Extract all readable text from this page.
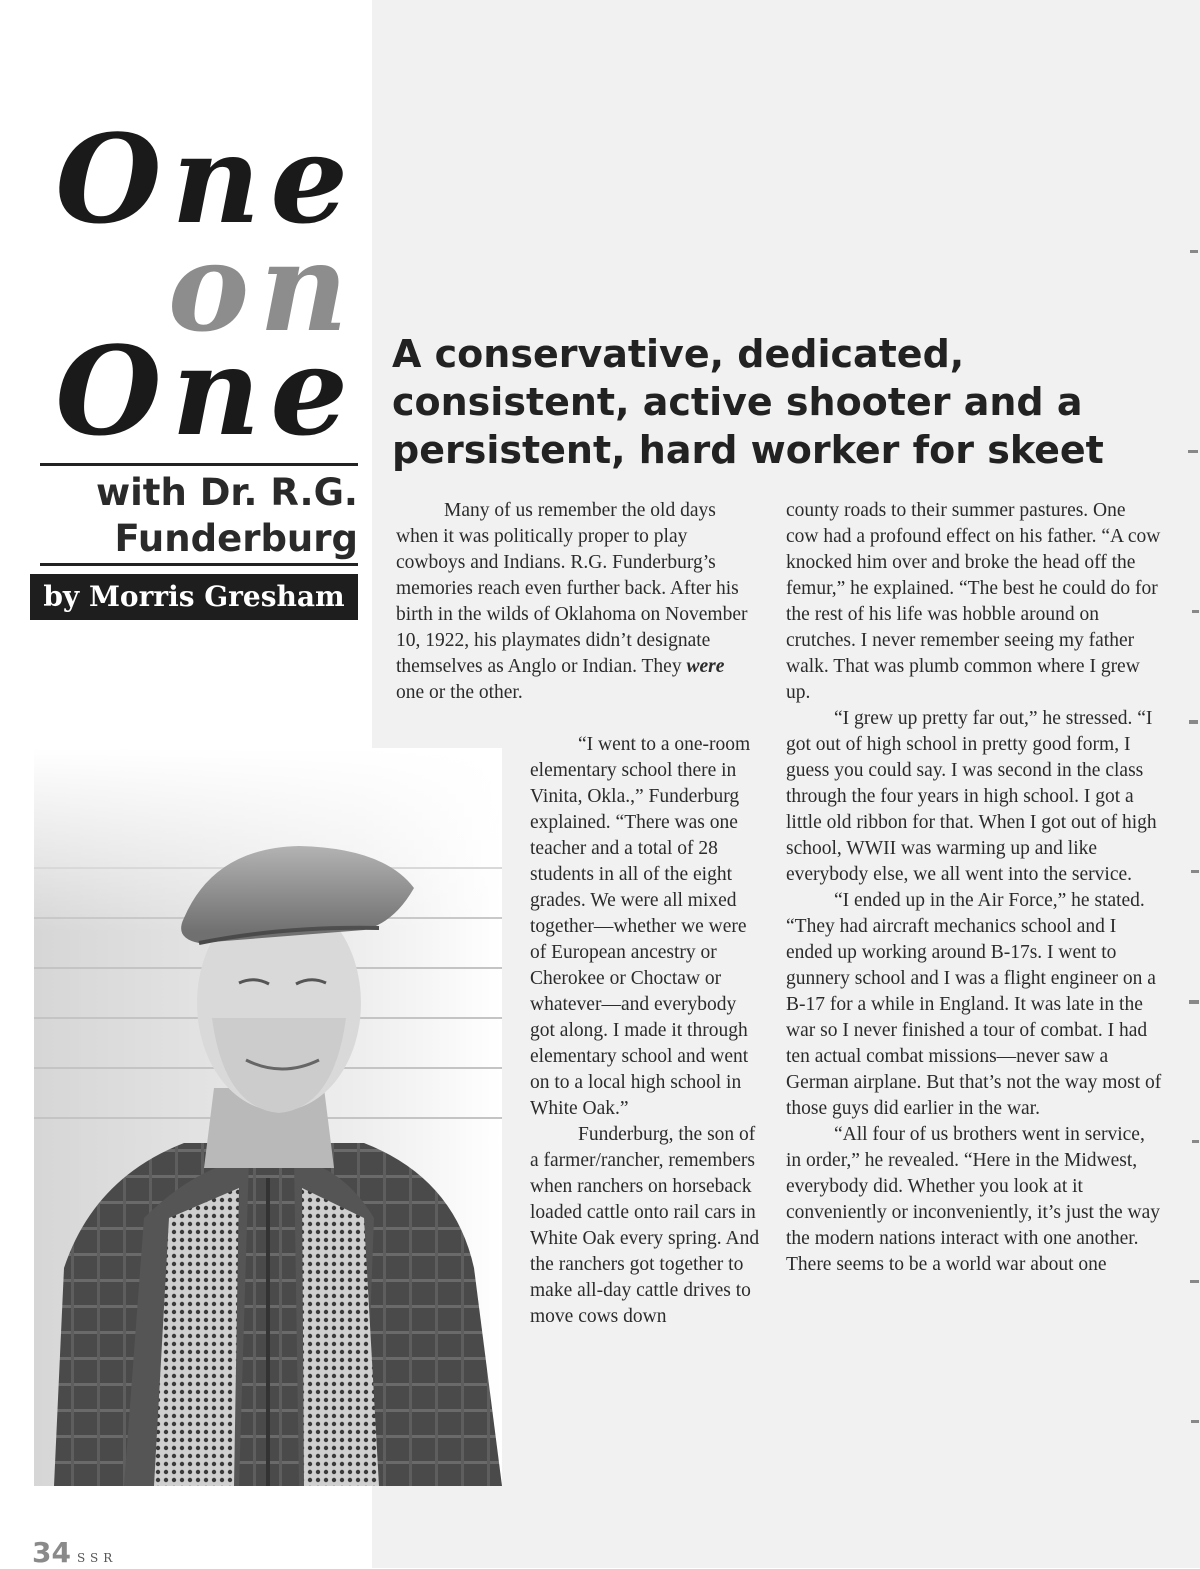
One
on
One
with Dr. R.G.
Funderburg
by Morris Gresham
A conservative, dedicated, consistent, active shooter and a persistent, hard worker for skeet

Many of us remember the old days when it was politically proper to play cowboys and Indians. R.G. Funderburg’s memories reach even further back. After his birth in the wilds of Oklahoma on November 10, 1922, his playmates didn’t designate themselves as Anglo or Indian. They were one or the other.

“I went to a one-room elementary school there in Vinita, Okla.,” Funderburg explained. “There was one teacher and a total of 28 students in all of the eight grades. We were all mixed together—whether we were of European ancestry or Cherokee or Choctaw or whatever—and everybody got along. I made it through elementary school and went on to a local high school in White Oak.”

Funderburg, the son of a farmer/rancher, remembers when ranchers on horseback loaded cattle onto rail cars in White Oak every spring. And the ranchers got together to make all-day cattle drives to move cows down

county roads to their summer pastures. One cow had a profound effect on his father. “A cow knocked him over and broke the head off the femur,” he explained. “The best he could do for the rest of his life was hobble around on crutches. I never remember seeing my father walk. That was plumb common where I grew up.

“I grew up pretty far out,” he stressed. “I got out of high school in pretty good form, I guess you could say. I was second in the class through the four years in high school. I got a little old ribbon for that. When I got out of high school, WWII was warming up and like everybody else, we all went into the service.

“I ended up in the Air Force,” he stated. “They had aircraft mechanics school and I ended up working around B-17s. I went to gunnery school and I was a flight engineer on a B-17 for a while in England. It was late in the war so I never finished a tour of combat. I had ten actual combat missions—never saw a German airplane. But that’s not the way most of those guys did earlier in the war.

“All four of us brothers went in service, in order,” he revealed. “Here in the Midwest, everybody did. Whether you look at it conveniently or inconveniently, it’s just the way the modern nations interact with one another. There seems to be a world war about one

34 SSR
